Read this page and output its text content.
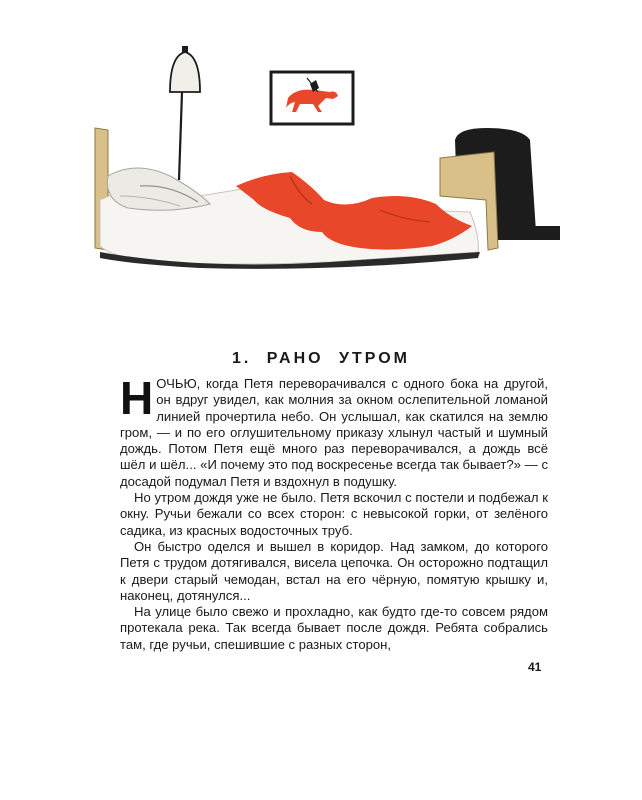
1. РАНО УТРОМ

НОЧЬЮ, когда Петя переворачивался с одного бока на другой, он вдруг увидел, как молния за окном ослепительной ломаной линией прочертила небо. Он услышал, как скатился на землю гром, — и по его оглушительному приказу хлынул частый и шумный дождь. Потом Петя ещё много раз переворачивался, а дождь всё шёл и шёл... «И почему это под воскресенье всегда так бывает?» — с досадой подумал Петя и вздохнул в подушку.

Но утром дождя уже не было. Петя вскочил с постели и подбежал к окну. Ручьи бежали со всех сторон: с невысокой горки, от зелёного садика, из красных водосточных труб.

Он быстро оделся и вышел в коридор. Над замком, до которого Петя с трудом дотягивался, висела цепочка. Он осторожно подтащил к двери старый чемодан, встал на его чёрную, помятую крышку и, наконец, дотянулся...

На улице было свежо и прохладно, как будто где-то совсем рядом протекала река. Так всегда бывает после дождя. Ребята собрались там, где ручьи, спешившие с разных сторон,

41
